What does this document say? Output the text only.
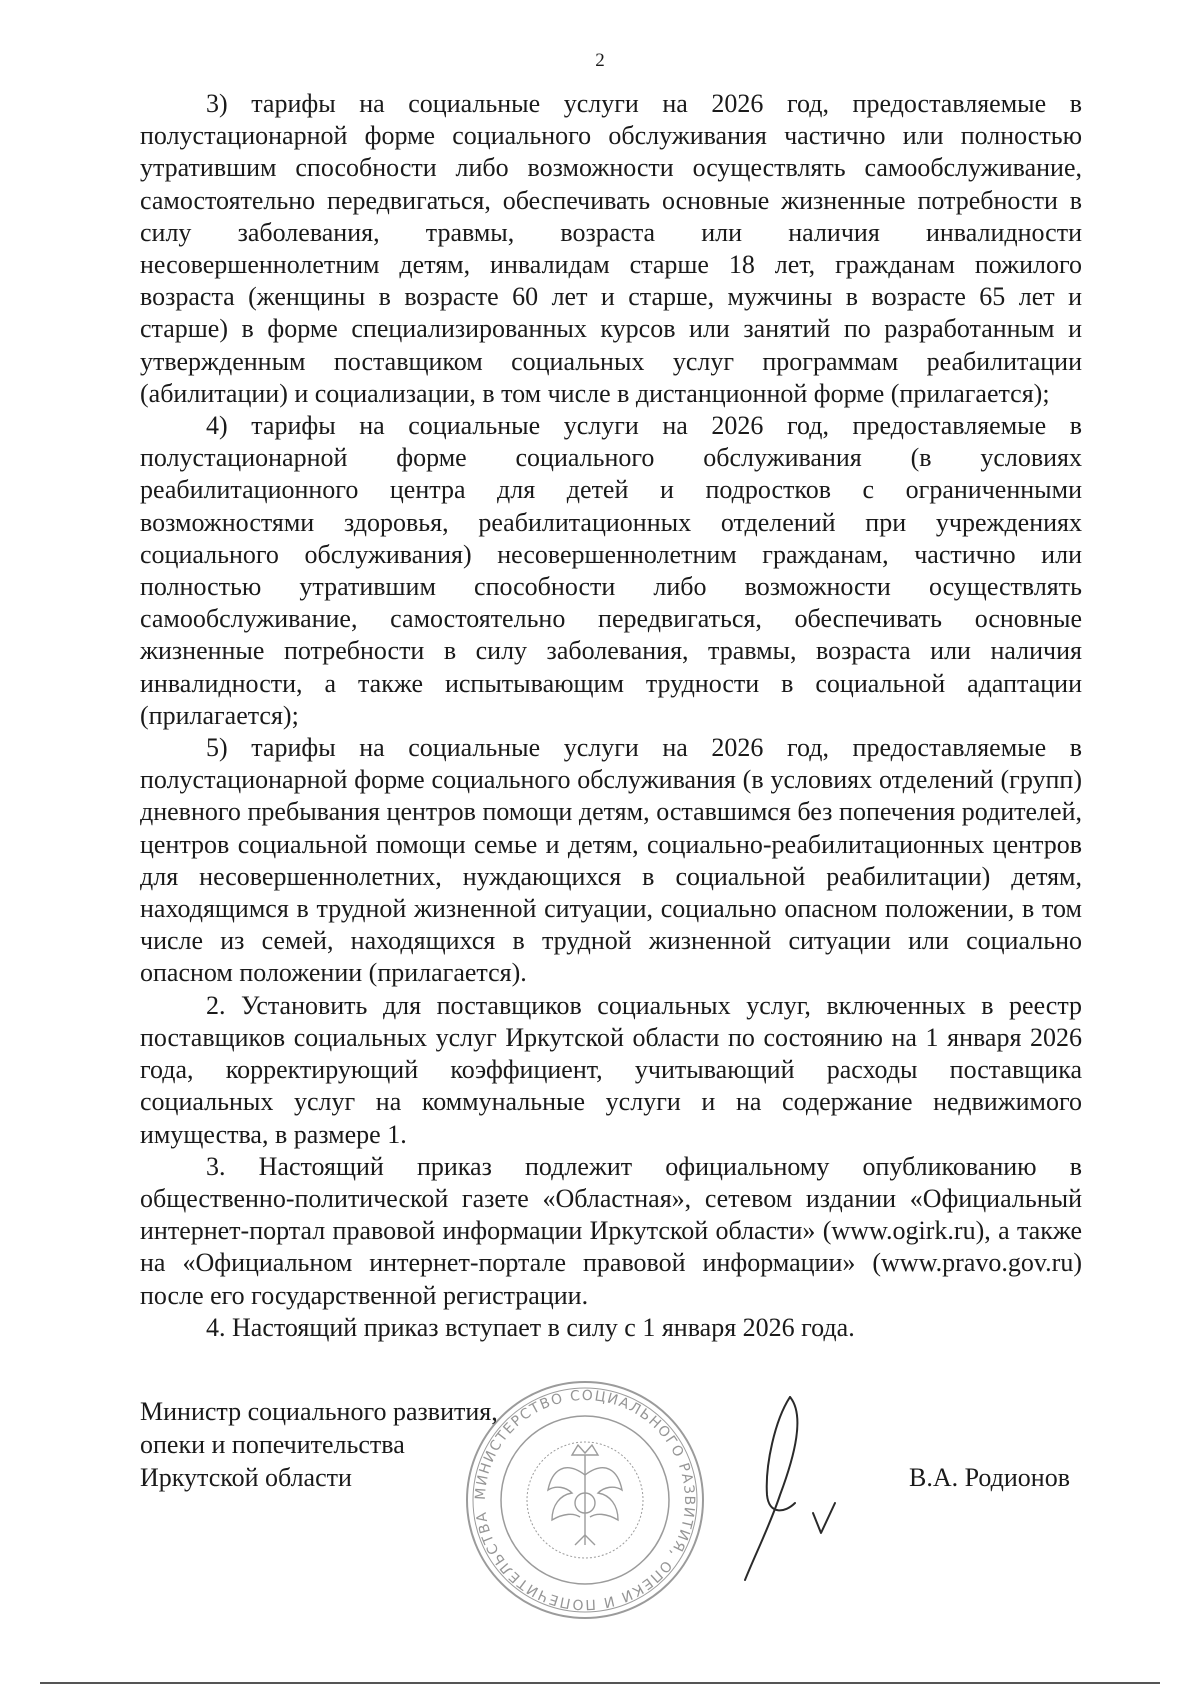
2

3) тарифы на социальные услуги на 2026 год, предоставляемые в полустационарной форме социального обслуживания частично или полностью утратившим способности либо возможности осуществлять самообслуживание, самостоятельно передвигаться, обеспечивать основные жизненные потребности в силу заболевания, травмы, возраста или наличия инвалидности несовершеннолетним детям, инвалидам старше 18 лет, гражданам пожилого возраста (женщины в возрасте 60 лет и старше, мужчины в возрасте 65 лет и старше) в форме специализированных курсов или занятий по разработанным и утвержденным поставщиком социальных услуг программам реабилитации (абилитации) и социализации, в том числе в дистанционной форме (прилагается);

4) тарифы на социальные услуги на 2026 год, предоставляемые в полустационарной форме социального обслуживания (в условиях реабилитационного центра для детей и подростков с ограниченными возможностями здоровья, реабилитационных отделений при учреждениях социального обслуживания) несовершеннолетним гражданам, частично или полностью утратившим способности либо возможности осуществлять самообслуживание, самостоятельно передвигаться, обеспечивать основные жизненные потребности в силу заболевания, травмы, возраста или наличия инвалидности, а также испытывающим трудности в социальной адаптации (прилагается);

5) тарифы на социальные услуги на 2026 год, предоставляемые в полустационарной форме социального обслуживания (в условиях отделений (групп) дневного пребывания центров помощи детям, оставшимся без попечения родителей, центров социальной помощи семье и детям, социально-реабилитационных центров для несовершеннолетних, нуждающихся в социальной реабилитации) детям, находящимся в трудной жизненной ситуации, социально опасном положении, в том числе из семей, находящихся в трудной жизненной ситуации или социально опасном положении (прилагается).

2. Установить для поставщиков социальных услуг, включенных в реестр поставщиков социальных услуг Иркутской области по состоянию на 1 января 2026 года, корректирующий коэффициент, учитывающий расходы поставщика социальных услуг на коммунальные услуги и на содержание недвижимого имущества, в размере 1.

3. Настоящий приказ подлежит официальному опубликованию в общественно-политической газете «Областная», сетевом издании «Официальный интернет-портал правовой информации Иркутской области» (www.ogirk.ru), а также на «Официальном интернет-портале правовой информации» (www.pravo.gov.ru) после его государственной регистрации.

4. Настоящий приказ вступает в силу с 1 января 2026 года.

МИНИСТЕРСТВО СОЦИАЛЬНОГО РАЗВИТИЯ, ОПЕКИ И ПОПЕЧИТЕЛЬСТВА
Министр социального развития,
опеки и попечительства
Иркутской области	В.А. Родионов
